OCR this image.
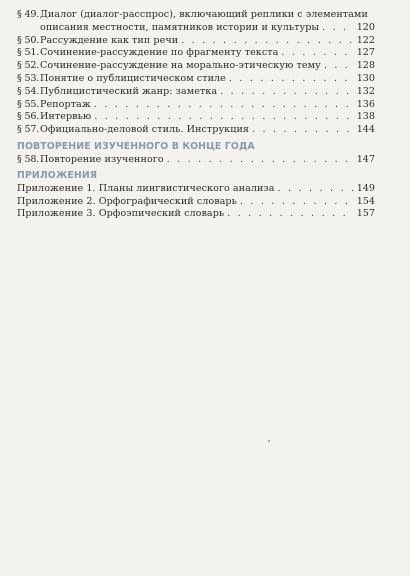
§ 49.Диалог (диалог-расспрос), включающий реплики с элементами
описания местности, памятников истории и культуры . . .	120
§ 50. Рассуждение как тип речи . . .	122
§ 51. Сочинение-рассуждение по фрагменту текста . . .	127
§ 52. Сочинение-рассуждение на морально-этическую тему . . .	128
§ 53. Понятие о публицистическом стиле . . .	130
§ 54. Публицистический жанр: заметка . . .	132
§ 55. Репортаж . . .	136
§ 56. Интервью . . .	138
§ 57. Официально-деловой стиль. Инструкция . . .	144
ПОВТОРЕНИЕ ИЗУЧЕННОГО В КОНЦЕ ГОДА
§ 58. Повторение изученного . . .	147
ПРИЛОЖЕНИЯ
Приложение 1. Планы лингвистического анализа . . .	149
Приложение 2. Орфографический словарь . . .	154
Приложение 3. Орфоэпический словарь . . .	157
